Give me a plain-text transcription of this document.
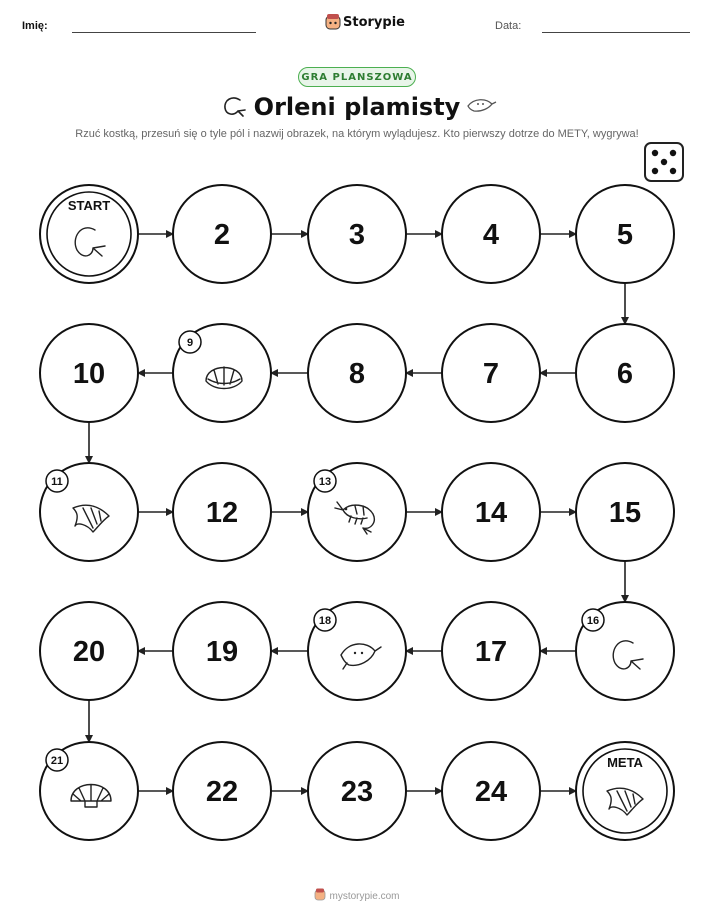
Imię:	Storypie	Data:
GRA PLANSZOWA
Orleni plamisty
Rzuć kostką, przesuń się o tyle pól i nazwij obrazek, na którym wylądujesz. Kto pierwszy dotrze do METY, wygrywa!
START
2	3	4	5
6
7
8
9
10
11
12
13
14	15
16
17
18
19
20
21
22	23	24
META
mystorypie.com
